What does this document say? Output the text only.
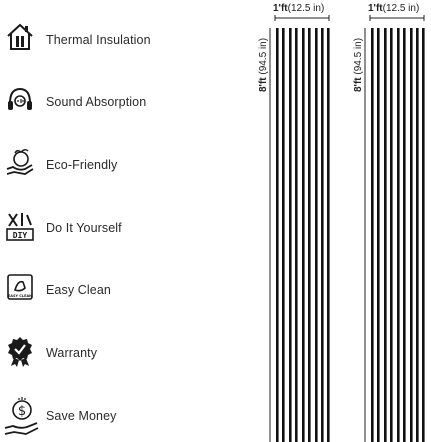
Thermal Insulation
Sound Absorption
Eco-Friendly
DIY
Do It Yourself
EASY CLEAN Easy Clean
Warranty
$ Save Money
1'ft(12.5 in)
8'ft (94.5 in)
1'ft(12.5 in)
8'ft (94.5 in)
